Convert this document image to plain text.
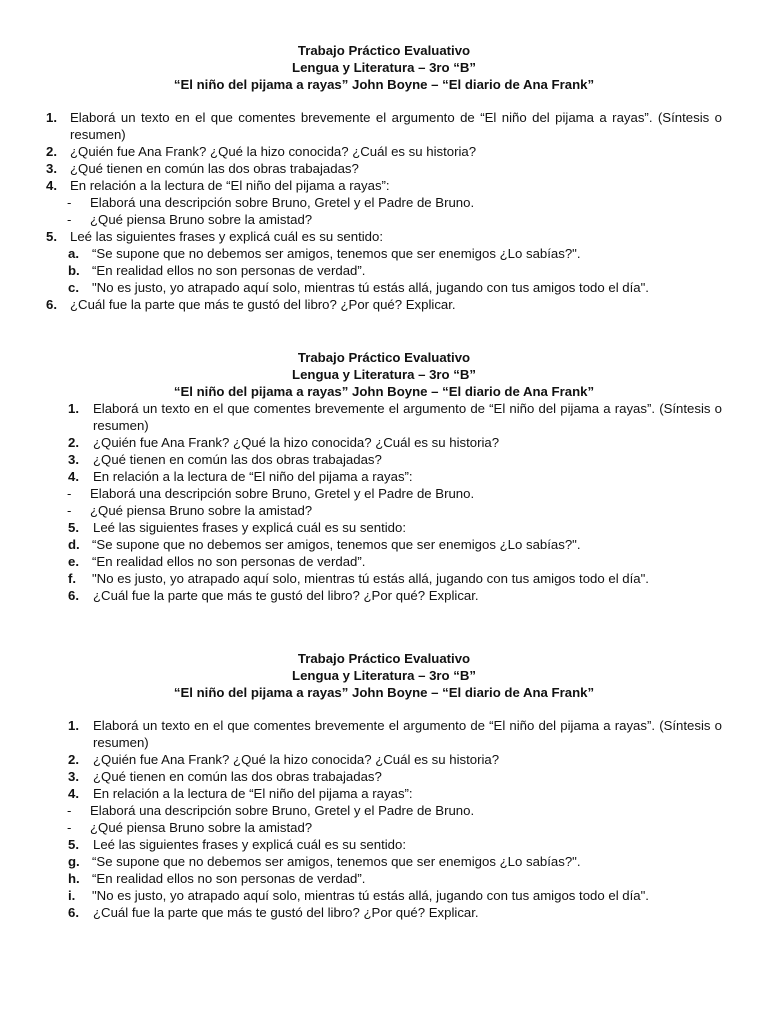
Trabajo Práctico Evaluativo
Lengua y Literatura – 3ro “B”
“El niño del pijama a rayas” John Boyne – “El diario de Ana Frank”
1. Elaborá un texto en el que comentes brevemente el argumento de “El niño del pijama a rayas”. (Síntesis o resumen)
2. ¿Quién fue Ana Frank? ¿Qué la hizo conocida? ¿Cuál es su historia?
3. ¿Qué tienen en común las dos obras trabajadas?
4. En relación a la lectura de “El niño del pijama a rayas”:
- Elaborá una descripción sobre Bruno, Gretel y el Padre de Bruno.
- ¿Qué piensa Bruno sobre la amistad?
5. Leé las siguientes frases y explicá cuál es su sentido:
a. “Se supone que no debemos ser amigos, tenemos que ser enemigos ¿Lo sabías?".
b. “En realidad ellos no son personas de verdad”.
c. "No es justo, yo atrapado aquí solo, mientras tú estás allá, jugando con tus amigos todo el día".
6. ¿Cuál fue la parte que más te gustó del libro? ¿Por qué? Explicar.
Trabajo Práctico Evaluativo
Lengua y Literatura – 3ro “B”
“El niño del pijama a rayas” John Boyne – “El diario de Ana Frank”
1. Elaborá un texto en el que comentes brevemente el argumento de “El niño del pijama a rayas”. (Síntesis o resumen)
2. ¿Quién fue Ana Frank? ¿Qué la hizo conocida? ¿Cuál es su historia?
3. ¿Qué tienen en común las dos obras trabajadas?
4. En relación a la lectura de “El niño del pijama a rayas”:
- Elaborá una descripción sobre Bruno, Gretel y el Padre de Bruno.
- ¿Qué piensa Bruno sobre la amistad?
5. Leé las siguientes frases y explicá cuál es su sentido:
d. “Se supone que no debemos ser amigos, tenemos que ser enemigos ¿Lo sabías?".
e. “En realidad ellos no son personas de verdad”.
f. "No es justo, yo atrapado aquí solo, mientras tú estás allá, jugando con tus amigos todo el día".
6. ¿Cuál fue la parte que más te gustó del libro? ¿Por qué? Explicar.
Trabajo Práctico Evaluativo
Lengua y Literatura – 3ro “B”
“El niño del pijama a rayas” John Boyne – “El diario de Ana Frank”
1. Elaborá un texto en el que comentes brevemente el argumento de “El niño del pijama a rayas”. (Síntesis o resumen)
2. ¿Quién fue Ana Frank? ¿Qué la hizo conocida? ¿Cuál es su historia?
3. ¿Qué tienen en común las dos obras trabajadas?
4. En relación a la lectura de “El niño del pijama a rayas”:
- Elaborá una descripción sobre Bruno, Gretel y el Padre de Bruno.
- ¿Qué piensa Bruno sobre la amistad?
5. Leé las siguientes frases y explicá cuál es su sentido:
g. “Se supone que no debemos ser amigos, tenemos que ser enemigos ¿Lo sabías?".
h. “En realidad ellos no son personas de verdad”.
i. "No es justo, yo atrapado aquí solo, mientras tú estás allá, jugando con tus amigos todo el día".
6. ¿Cuál fue la parte que más te gustó del libro? ¿Por qué? Explicar.
